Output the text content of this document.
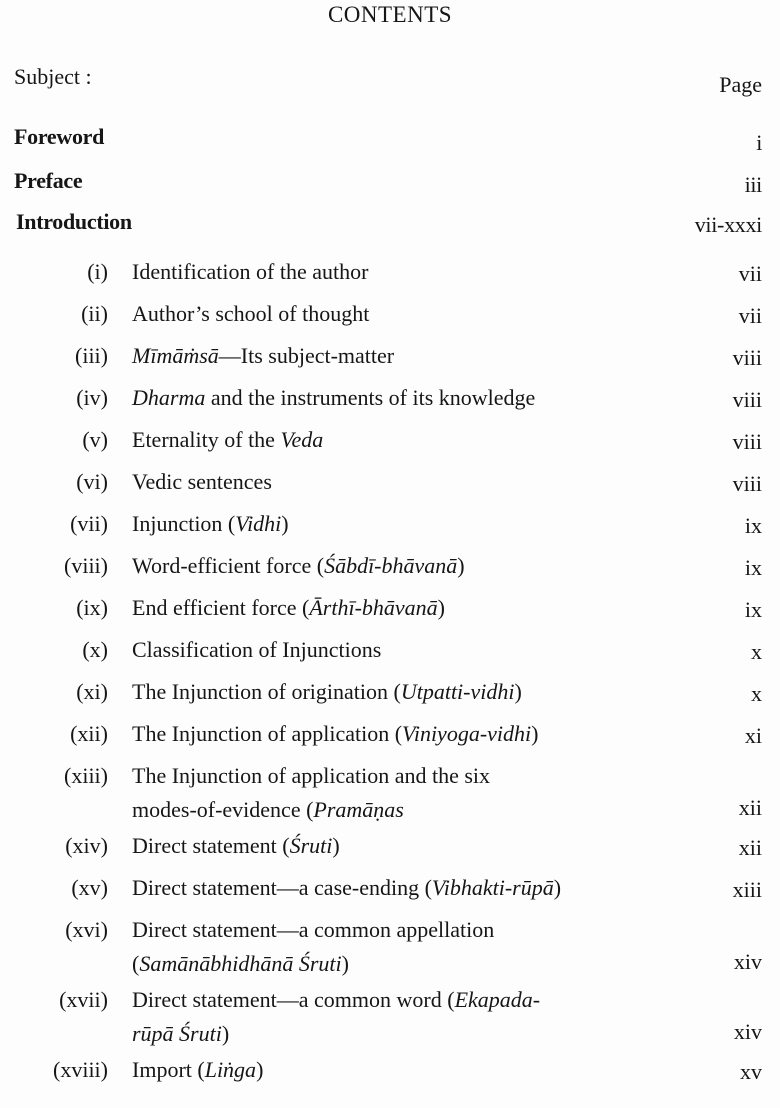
CONTENTS
Subject :	Page
Foreword	i
Preface	iii
Introduction	vii-xxxi
(i) Identification of the author	vii
(ii) Author’s school of thought	vii
(iii) Mīmāṁsā—Its subject-matter	viii
(iv) Dharma and the instruments of its knowledge	viii
(v) Eternality of the Veda	viii
(vi) Vedic sentences	viii
(vii) Injunction (Vidhi)	ix
(viii) Word-efficient force (Śābdī-bhāvanā)	ix
(ix) End efficient force (Ārthī-bhāvanā)	ix
(x) Classification of Injunctions	x
(xi) The Injunction of origination (Utpatti-vidhi)	x
(xii) The Injunction of application (Viniyoga-vidhi)	xi
(xiii) The Injunction of application and the six
modes-of-evidence (Pramāṇas	xii
(xiv) Direct statement (Śruti)	xii
(xv) Direct statement—a case-ending (Vibhakti-rūpā)	xiii
(xvi) Direct statement—a common appellation
(Samānābhidhānā Śruti)	xiv
(xvii) Direct statement—a common word (Ekapada-
rūpā Śruti)	xiv
(xviii) Import (Liṅga)	xv
